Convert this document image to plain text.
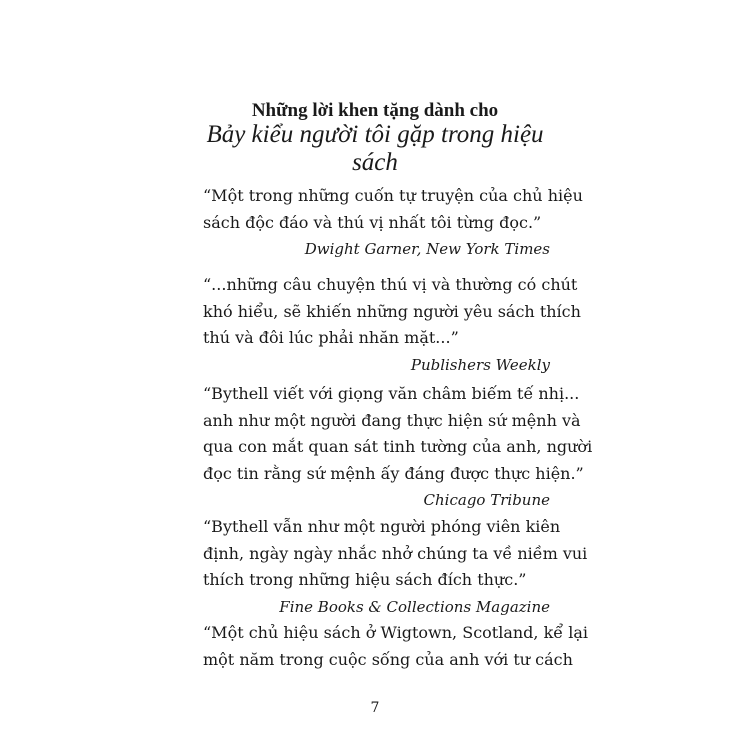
Những lời khen tặng dành cho
Bảy kiểu người tôi gặp trong hiệu sách
“Một trong những cuốn tự truyện của chủ hiệu
sách độc đáo và thú vị nhất tôi từng đọc.”
Dwight Garner, New York Times
“...những câu chuyện thú vị và thường có chút
khó hiểu, sẽ khiến những người yêu sách thích
thú và đôi lúc phải nhăn mặt...”
Publishers Weekly
“Bythell viết với giọng văn châm biếm tế nhị...
anh như một người đang thực hiện sứ mệnh và
qua con mắt quan sát tinh tường của anh, người
đọc tin rằng sứ mệnh ấy đáng được thực hiện.”
Chicago Tribune
“Bythell vẫn như một người phóng viên kiên
định, ngày ngày nhắc nhở chúng ta về niềm vui
thích trong những hiệu sách đích thực.”
Fine Books & Collections Magazine
“Một chủ hiệu sách ở Wigtown, Scotland, kể lại
một năm trong cuộc sống của anh với tư cách
7
